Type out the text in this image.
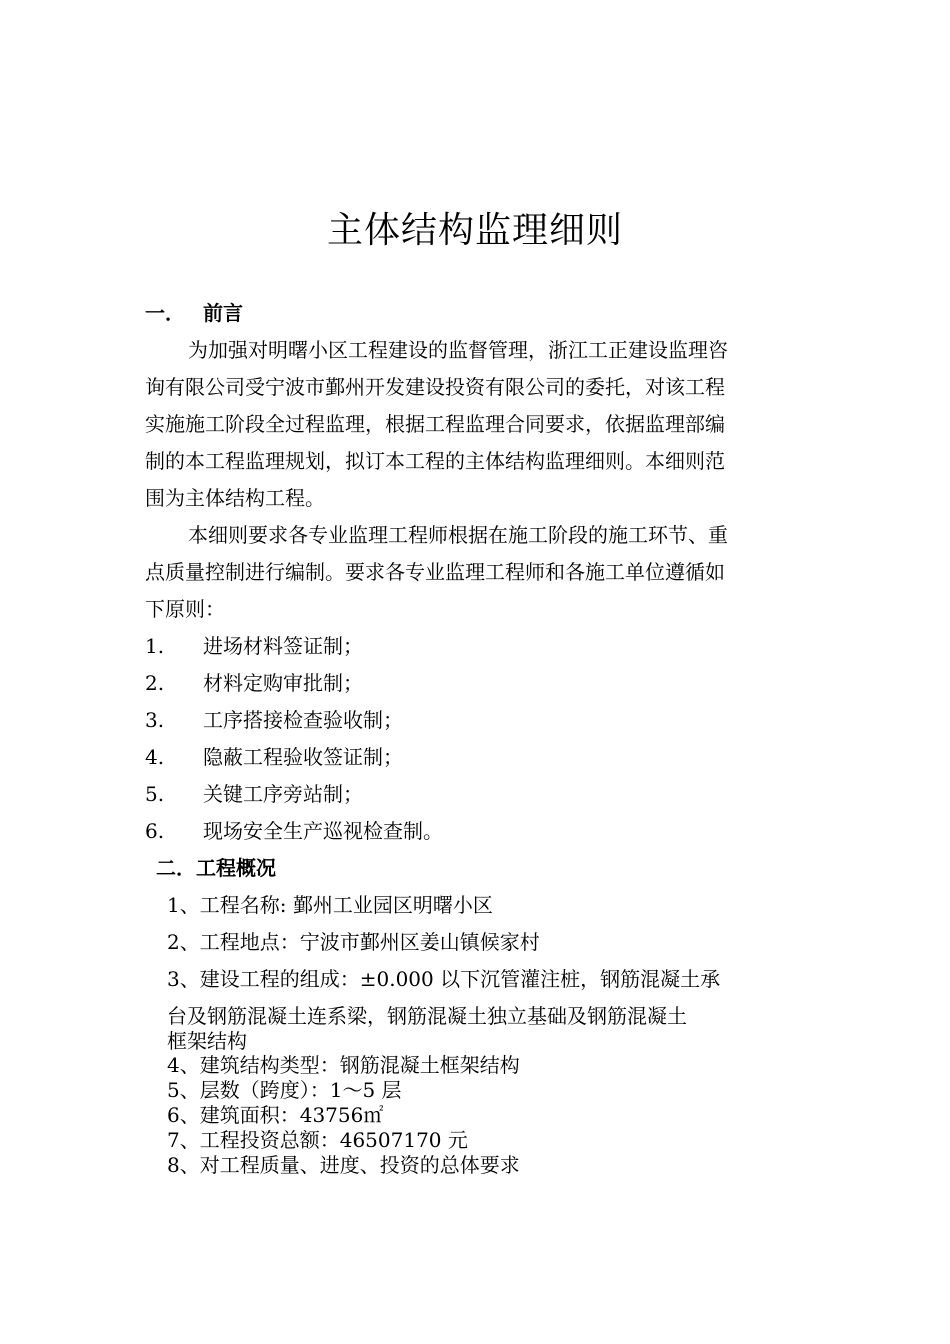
主体结构监理细则
一． 前言
为加强对明曙小区工程建设的监督管理，浙江工正建设监理咨
询有限公司受宁波市鄞州开发建设投资有限公司的委托，对该工程
实施施工阶段全过程监理，根据工程监理合同要求，依据监理部编
制的本工程监理规划，拟订本工程的主体结构监理细则。本细则范
围为主体结构工程。
本细则要求各专业监理工程师根据在施工阶段的施工环节、重
点质量控制进行编制。要求各专业监理工程师和各施工单位遵循如
下原则：
1. 进场材料签证制；
2. 材料定购审批制；
3. 工序搭接检查验收制；
4. 隐蔽工程验收签证制；
5. 关键工序旁站制；
6. 现场安全生产巡视检查制。
二．工程概况
1、工程名称: 鄞州工业园区明曙小区
2、工程地点：宁波市鄞州区姜山镇候家村
3、建设工程的组成：±0.000 以下沉管灌注桩，钢筋混凝土承
台及钢筋混凝土连系梁，钢筋混凝土独立基础及钢筋混凝土
框架结构
4、建筑结构类型：钢筋混凝土框架结构
5、层数（跨度）：1～5 层
6、建筑面积：43756㎡
7、工程投资总额：46507170 元
8、对工程质量、进度、投资的总体要求
